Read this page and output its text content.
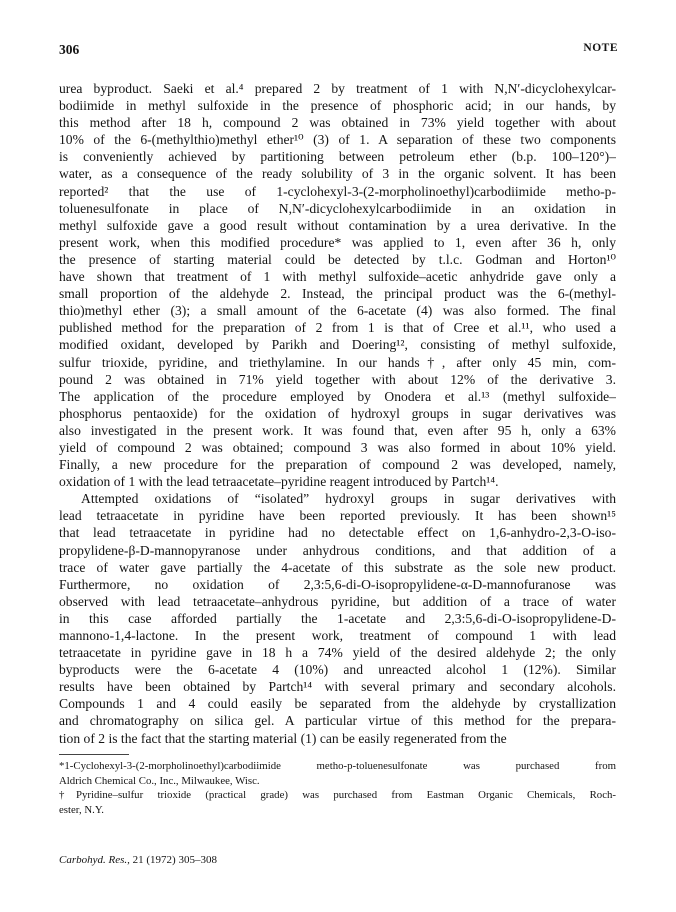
306	NOTE
urea byproduct. Saeki et al.⁴ prepared 2 by treatment of 1 with N,N′-dicyclohexylcar-
bodiimide in methyl sulfoxide in the presence of phosphoric acid; in our hands, by
this method after 18 h, compound 2 was obtained in 73% yield together with about
10% of the 6-(methylthio)methyl ether¹⁰ (3) of 1. A separation of these two components
is conveniently achieved by partitioning between petroleum ether (b.p. 100–120°)–
water, as a consequence of the ready solubility of 3 in the organic solvent. It has been
reported² that the use of 1-cyclohexyl-3-(2-morpholinoethyl)carbodiimide metho-p-
toluenesulfonate in place of N,N′-dicyclohexylcarbodiimide in an oxidation in
methyl sulfoxide gave a good result without contamination by a urea derivative. In the
present work, when this modified procedure* was applied to 1, even after 36 h, only
the presence of starting material could be detected by t.l.c. Godman and Horton¹⁰
have shown that treatment of 1 with methyl sulfoxide–acetic anhydride gave only a
small proportion of the aldehyde 2. Instead, the principal product was the 6-(methyl-
thio)methyl ether (3); a small amount of the 6-acetate (4) was also formed. The final
published method for the preparation of 2 from 1 is that of Cree et al.¹¹, who used a
modified oxidant, developed by Parikh and Doering¹², consisting of methyl sulfoxide,
sulfur trioxide, pyridine, and triethylamine. In our hands†, after only 45 min, com-
pound 2 was obtained in 71% yield together with about 12% of the derivative 3.
The application of the procedure employed by Onodera et al.¹³ (methyl sulfoxide–
phosphorus pentaoxide) for the oxidation of hydroxyl groups in sugar derivatives was
also investigated in the present work. It was found that, even after 95 h, only a 63%
yield of compound 2 was obtained; compound 3 was also formed in about 10% yield.
Finally, a new procedure for the preparation of compound 2 was developed, namely,
oxidation of 1 with the lead tetraacetate–pyridine reagent introduced by Partch¹⁴.
Attempted oxidations of “isolated” hydroxyl groups in sugar derivatives with
lead tetraacetate in pyridine have been reported previously. It has been shown¹⁵
that lead tetraacetate in pyridine had no detectable effect on 1,6-anhydro-2,3-O-iso-
propylidene-β-D-mannopyranose under anhydrous conditions, and that addition of a
trace of water gave partially the 4-acetate of this substrate as the sole new product.
Furthermore, no oxidation of 2,3:5,6-di-O-isopropylidene-α-D-mannofuranose was
observed with lead tetraacetate–anhydrous pyridine, but addition of a trace of water
in this case afforded partially the 1-acetate and 2,3:5,6-di-O-isopropylidene-D-
mannono-1,4-lactone. In the present work, treatment of compound 1 with lead
tetraacetate in pyridine gave in 18 h a 74% yield of the desired aldehyde 2; the only
byproducts were the 6-acetate 4 (10%) and unreacted alcohol 1 (12%). Similar
results have been obtained by Partch¹⁴ with several primary and secondary alcohols.
Compounds 1 and 4 could easily be separated from the aldehyde by crystallization
and chromatography on silica gel. A particular virtue of this method for the prepara-
tion of 2 is the fact that the starting material (1) can be easily regenerated from the
*1-Cyclohexyl-3-(2-morpholinoethyl)carbodiimide metho-p-toluenesulfonate was purchased from
Aldrich Chemical Co., Inc., Milwaukee, Wisc.
†Pyridine–sulfur trioxide (practical grade) was purchased from Eastman Organic Chemicals, Roch-
ester, N.Y.
Carbohyd. Res., 21 (1972) 305–308
